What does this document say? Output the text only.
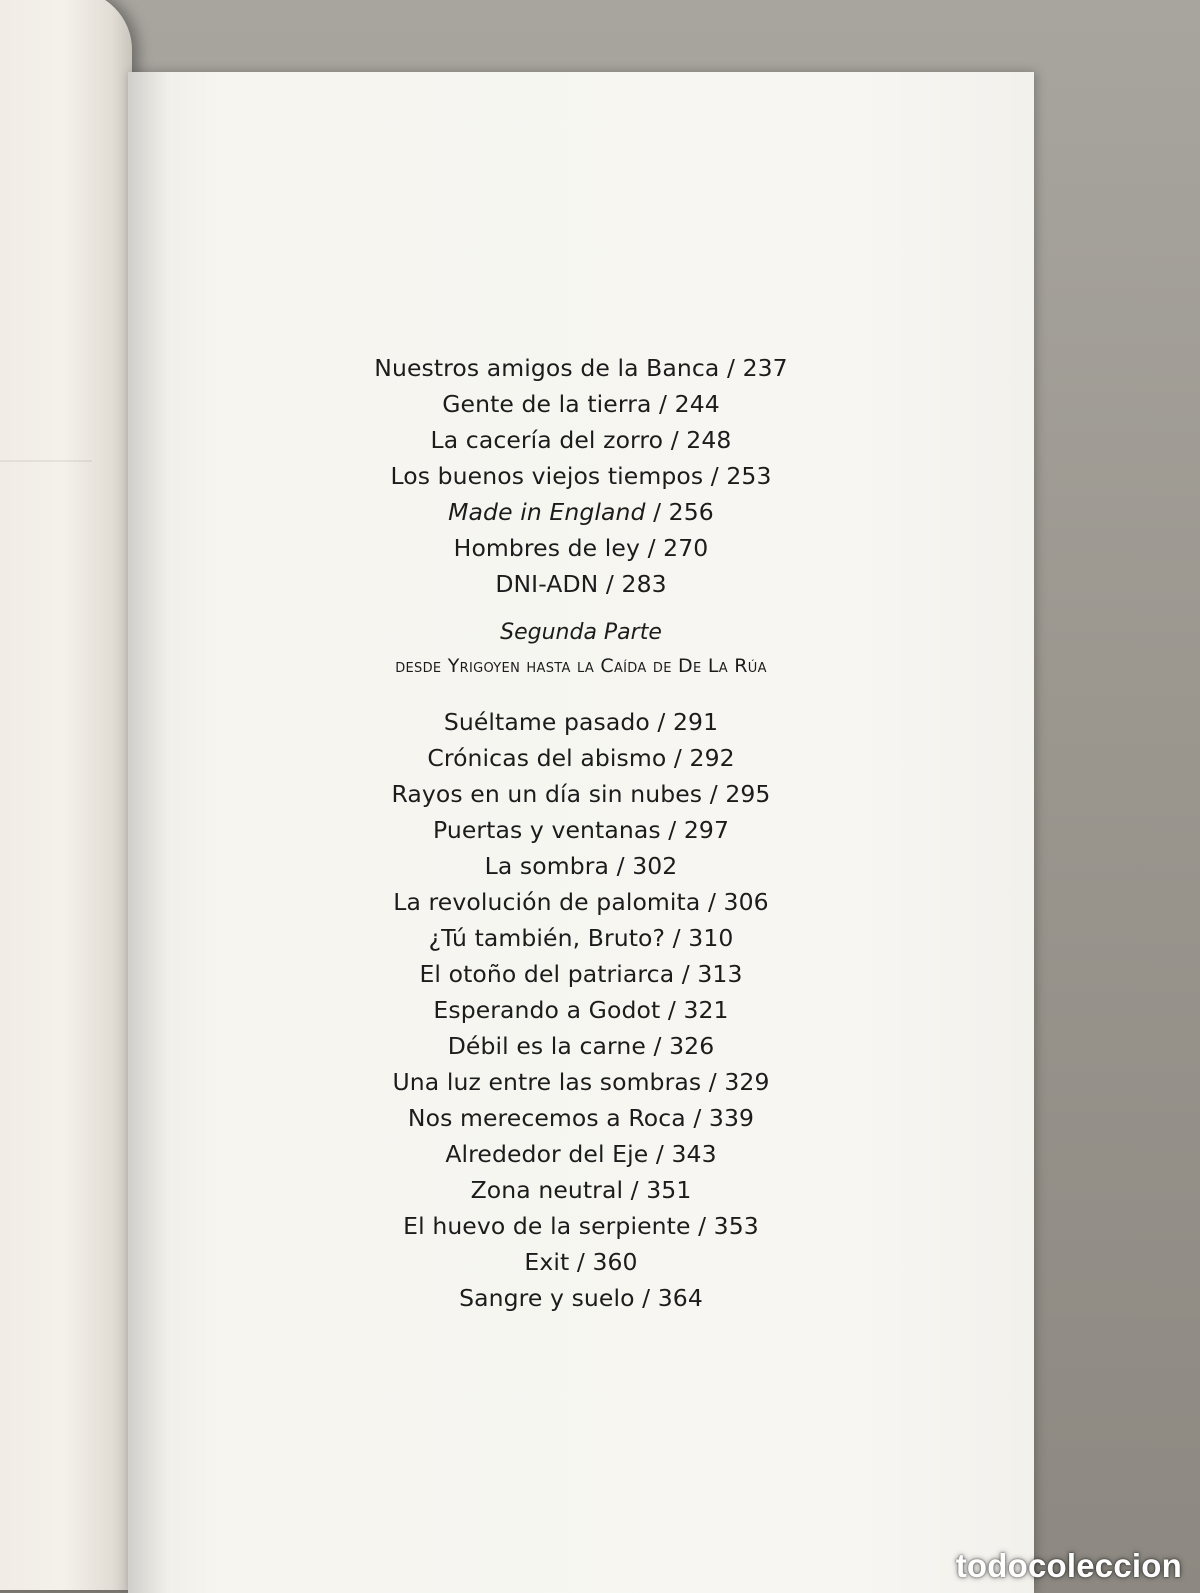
Nuestros amigos de la Banca / 237
Gente de la tierra / 244
La cacería del zorro / 248
Los buenos viejos tiempos / 253
Made in England / 256
Hombres de ley / 270
DNI-ADN / 283
Segunda Parte
desde Yrigoyen hasta la Caída de De La Rúa
Suéltame pasado / 291
Crónicas del abismo / 292
Rayos en un día sin nubes / 295
Puertas y ventanas / 297
La sombra / 302
La revolución de palomita / 306
¿Tú también, Bruto? / 310
El otoño del patriarca / 313
Esperando a Godot / 321
Débil es la carne / 326
Una luz entre las sombras / 329
Nos merecemos a Roca / 339
Alrededor del Eje / 343
Zona neutral / 351
El huevo de la serpiente / 353
Exit / 360
Sangre y suelo / 364
todocoleccion
